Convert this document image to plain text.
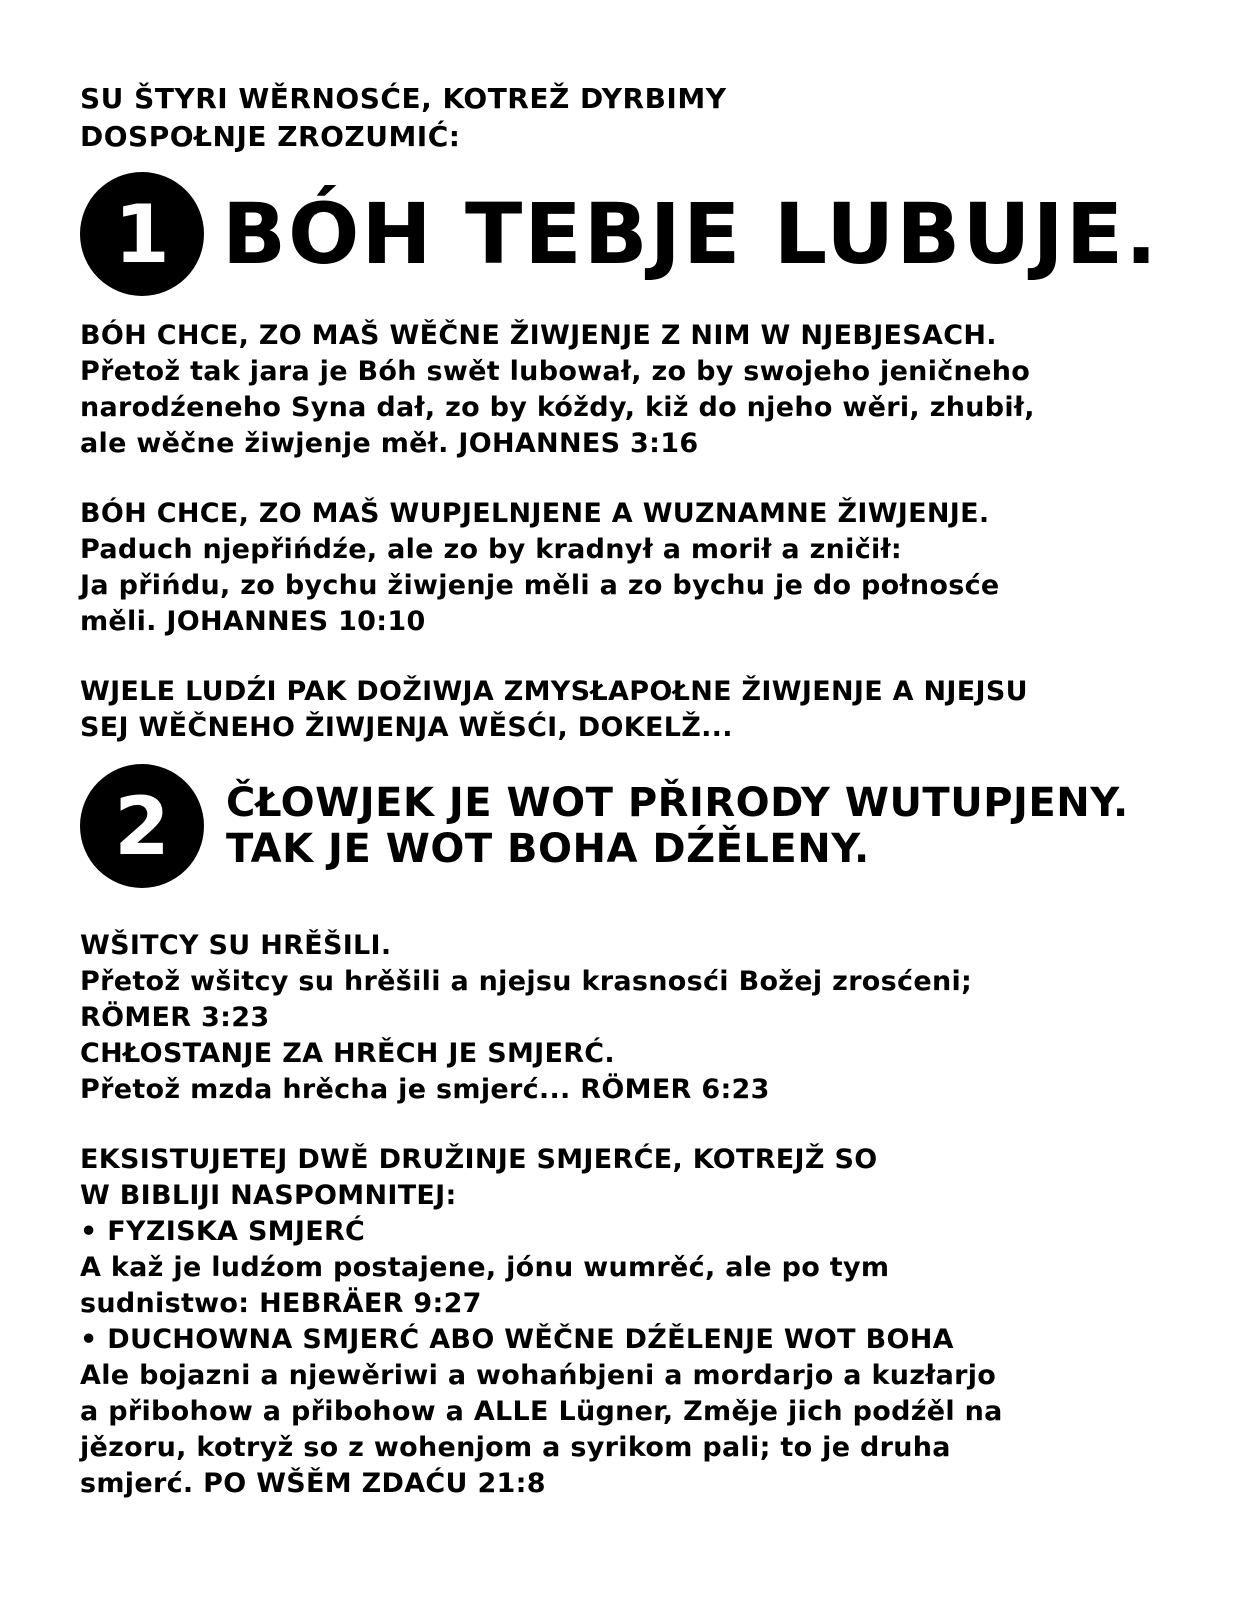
SU ŠTYRI WĚRNOSĆE, KOTREŽ DYRBIMY
DOSPOŁNJE ZROZUMIĆ:
1 BÓH TEBJE LUBUJE.
BÓH CHCE, ZO MAŠ WĚČNE ŽIWJENJE Z NIM W NJEBJESACH.
Přetož tak jara je Bóh swět lubował, zo by swojeho jeničneho
narodźeneho Syna dał, zo by kóždy, kiž do njeho wěri, zhubił,
ale wěčne žiwjenje měł. JOHANNES 3:16
BÓH CHCE, ZO MAŠ WUPJELNJENE A WUZNAMNE ŽIWJENJE.
Paduch njepřińdźe, ale zo by kradnył a morił a zničił:
Ja přińdu, zo bychu žiwjenje měli a zo bychu je do połnosće
měli. JOHANNES 10:10
WJELE LUDŹI PAK DOŽIWJA ZMYSŁAPOŁNE ŽIWJENJE A NJEJSU
SEJ WĚČNEHO ŽIWJENJA WĚSĆI, DOKELŽ...
2	ČŁOWJEK JE WOT PŘIRODY WUTUPJENY.
TAK JE WOT BOHA DŹĚLENY.
WŠITCY SU HRĚŠILI.
Přetož wšitcy su hrěšili a njejsu krasnosći Božej zrosćeni;
RÖMER 3:23
CHŁOSTANJE ZA HRĚCH JE SMJERĆ.
Přetož mzda hrěcha je smjerć... RÖMER 6:23
EKSISTUJETEJ DWĚ DRUŽINJE SMJERĆE, KOTREJŽ SO
W BIBLIJI NASPOMNITEJ:
• FYZISKA SMJERĆ
A kaž je ludźom postajene, jónu wumrěć, ale po tym
sudnistwo: HEBRÄER 9:27
• DUCHOWNA SMJERĆ ABO WĚČNE DŹĚLENJE WOT BOHA
Ale bojazni a njewěriwi a wohańbjeni a mordarjo a kuzłarjo
a přibohow a přibohow a ALLE Lügner, Změje jich podźěl na
jězoru, kotryž so z wohenjom a syrikom pali; to je druha
smjerć. PO WŠĚM ZDAĆU 21:8
